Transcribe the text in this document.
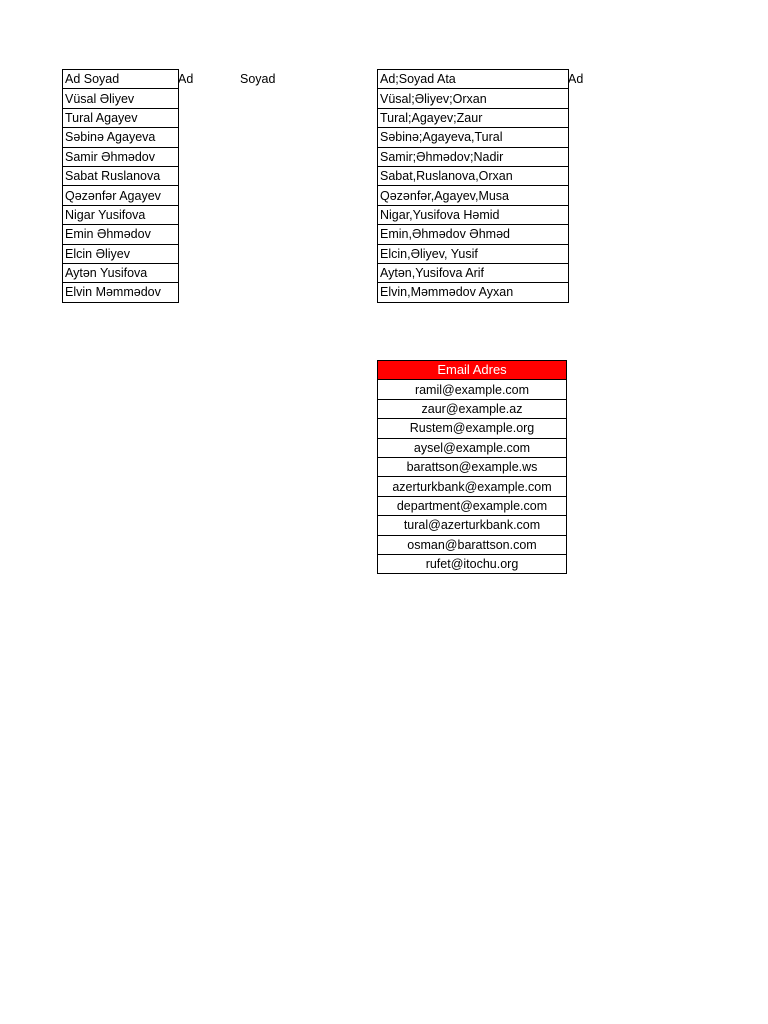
Ad Soyad
Vüsal Əliyev
Tural Agayev
Səbinə Agayeva
Samir Əhmədov
Sabat Ruslanova
Qəzənfər Agayev
Nigar Yusifova
Emin Əhmədov
Elcin Əliyev
Aytən Yusifova
Elvin Məmmədov
Ad	Soyad	Ad;Soyad Ata
Vüsal;Əliyev;Orxan
Tural;Agayev;Zaur
Səbinə;Agayeva,Tural
Samir;Əhmədov;Nadir
Sabat,Ruslanova,Orxan
Qəzənfər,Agayev,Musa
Nigar,Yusifova Həmid
Emin,Əhmədov Əhməd
Elcin,Əliyev, Yusif
Aytən,Yusifova Arif
Elvin,Məmmədov Ayxan
Ad
Email Adres
ramil@example.com
zaur@example.az
Rustem@example.org
aysel@example.com
barattson@example.ws
azerturkbank@example.com
department@example.com
tural@azerturkbank.com
osman@barattson.com
rufet@itochu.org
